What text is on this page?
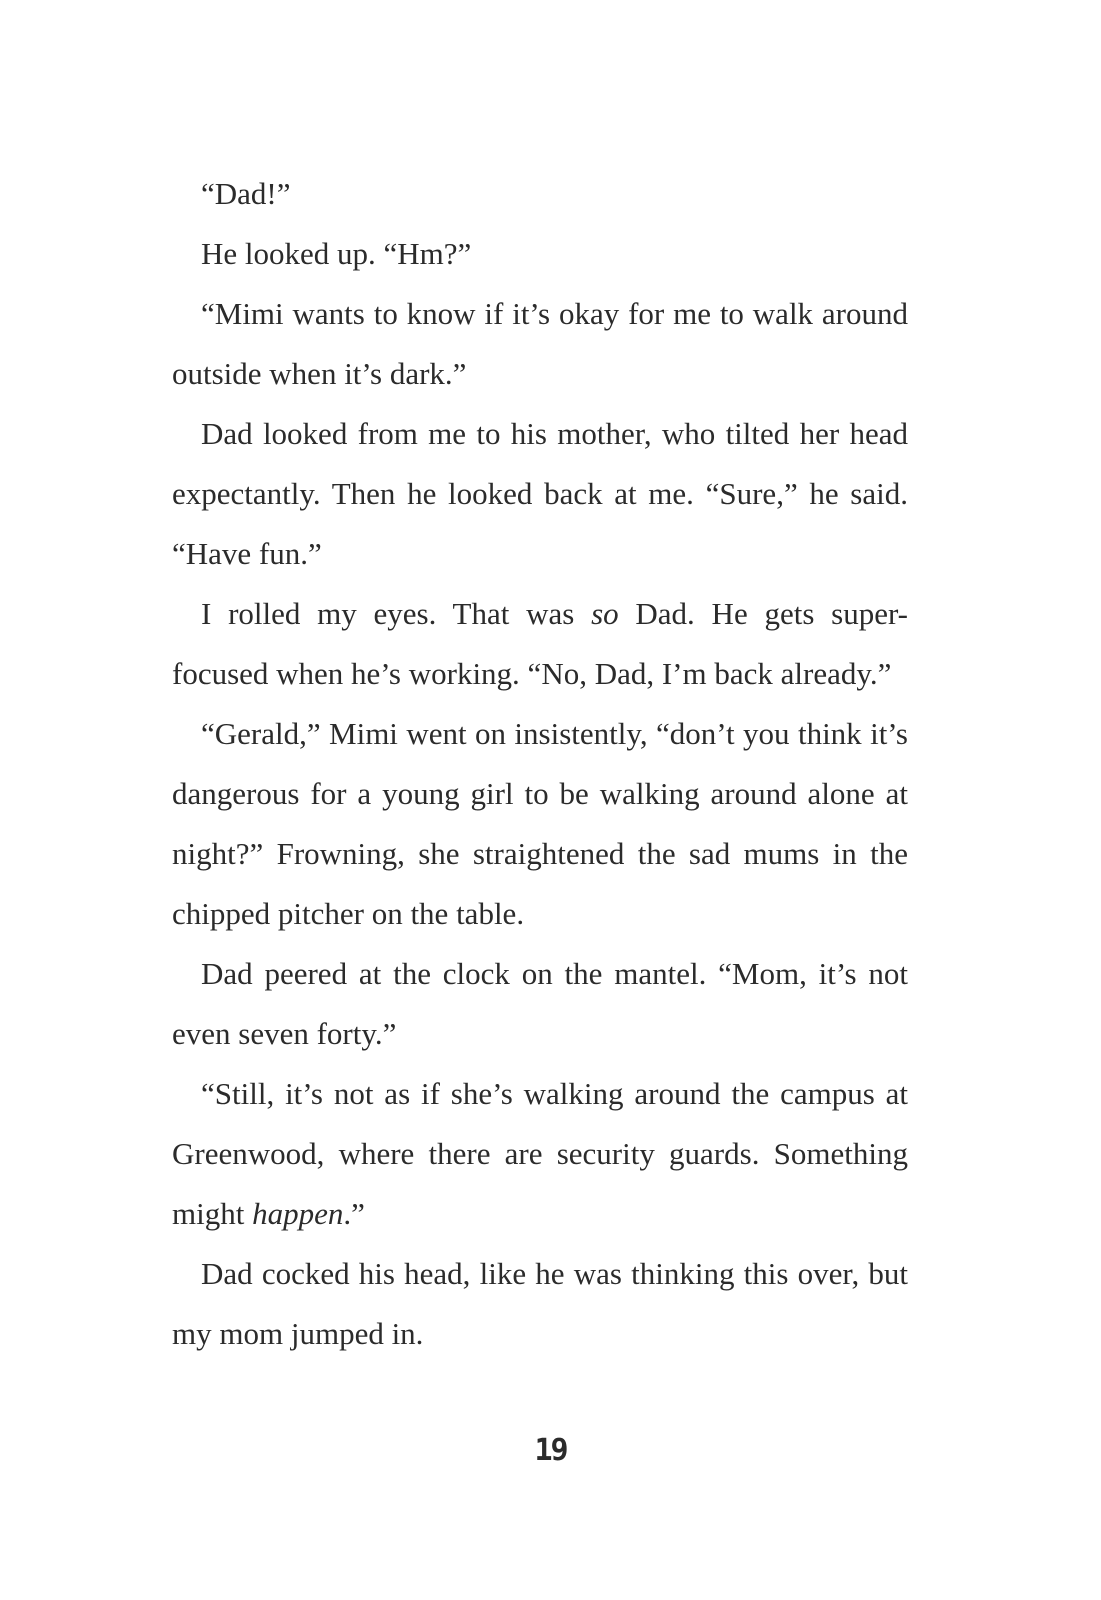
“Dad!”

He looked up. “Hm?”

“Mimi wants to know if it’s okay for me to walk around outside when it’s dark.”

Dad looked from me to his mother, who tilted her head expectantly. Then he looked back at me. “Sure,” he said. “Have fun.”

I rolled my eyes. That was so Dad. He gets super-focused when he’s working. “No, Dad, I’m back already.”

“Gerald,” Mimi went on insistently, “don’t you think it’s dangerous for a young girl to be walking around alone at night?” Frowning, she straightened the sad mums in the chipped pitcher on the table.

Dad peered at the clock on the mantel. “Mom, it’s not even seven forty.”

“Still, it’s not as if she’s walking around the campus at Greenwood, where there are security guards. Something might happen.”

Dad cocked his head, like he was thinking this over, but my mom jumped in.

19
